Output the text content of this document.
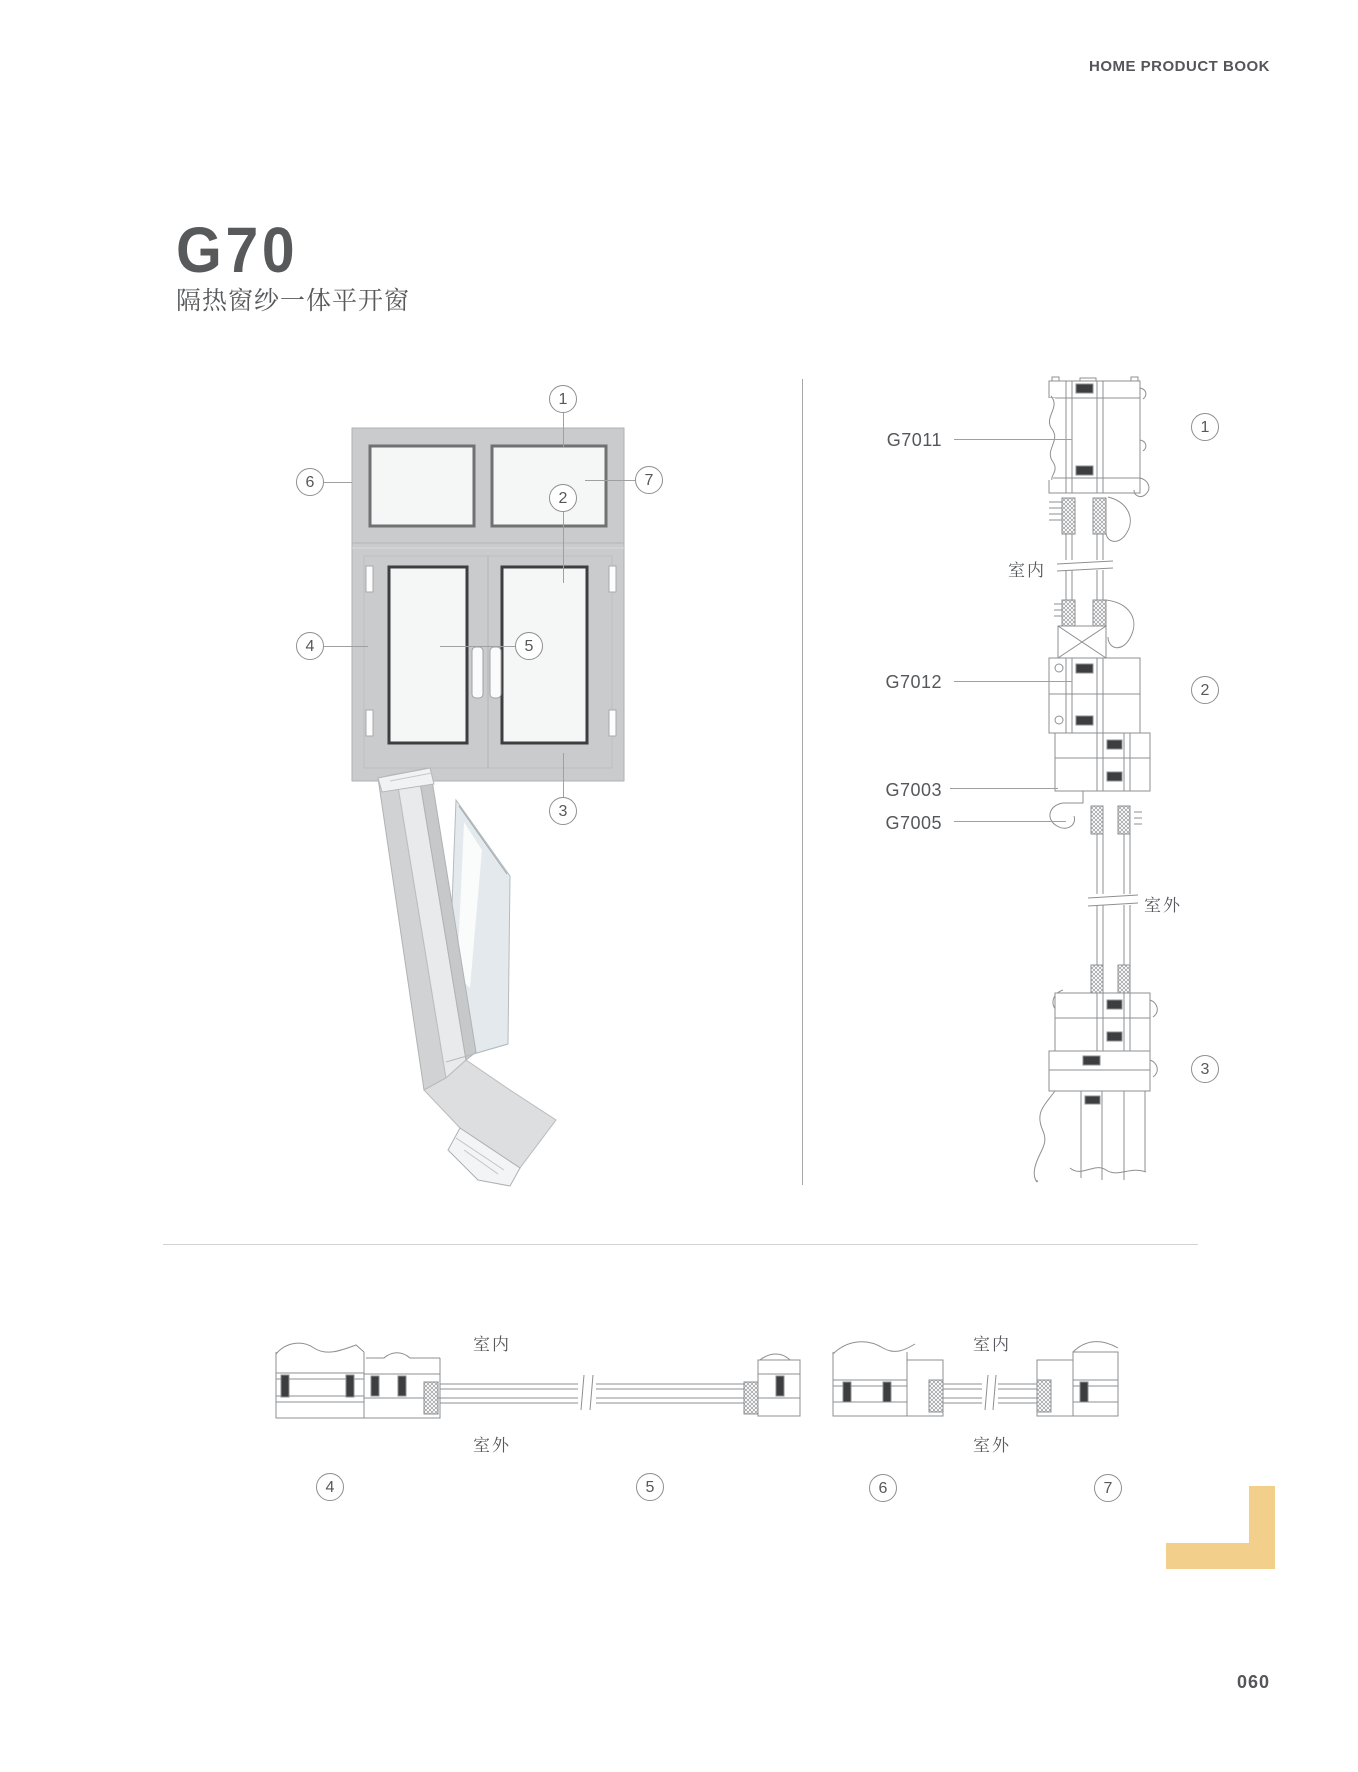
HOME PRODUCT BOOK
G70
隔热窗纱一体平开窗
1
2
3
4	5
6	7
G7011
G7012
G7003
G7005
室内
室外
1
2
3
室内
室外
室内
室外
4	5	6	7
060
